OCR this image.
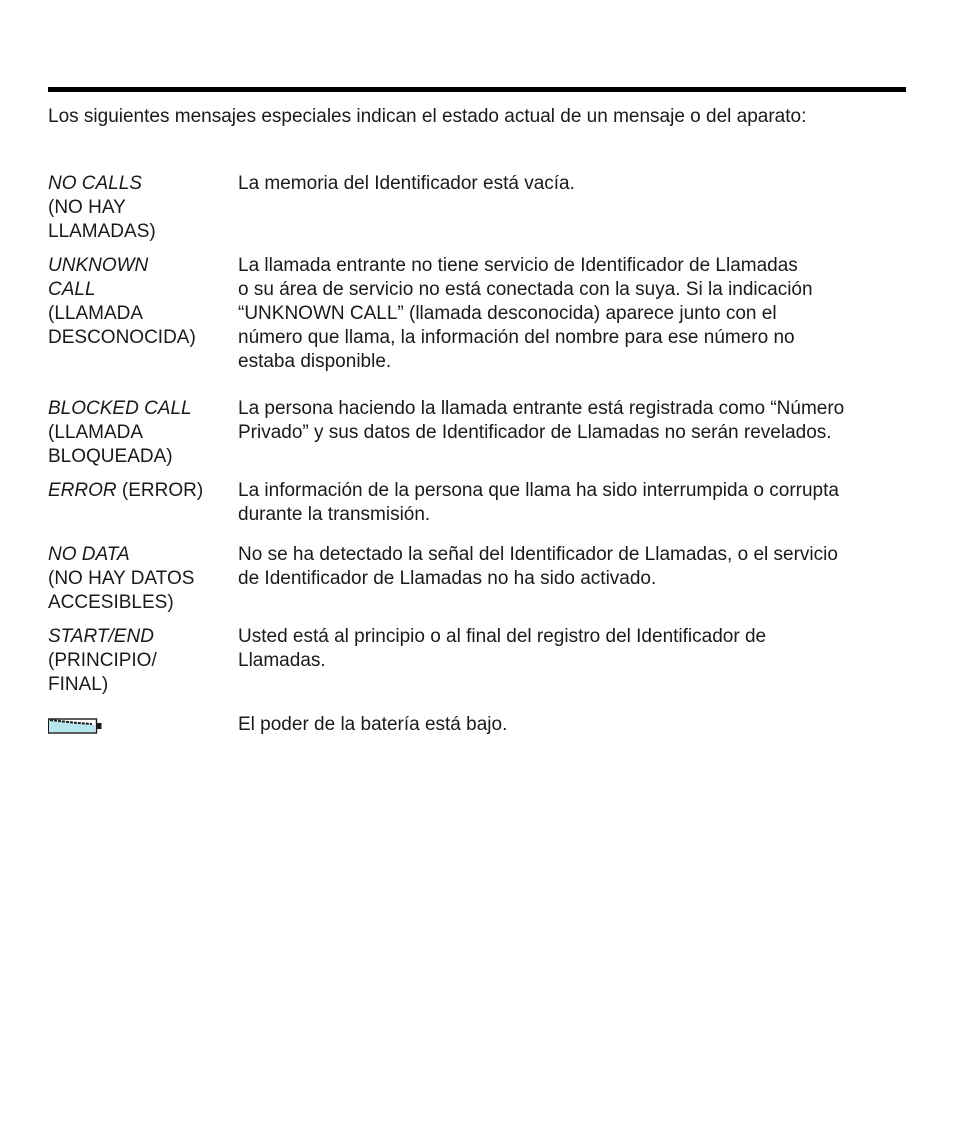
Los siguientes mensajes especiales indican el estado actual de un mensaje o del aparato:
NO CALLS
(NO HAY
LLAMADAS)
La memoria del Identificador está vacía.
UNKNOWN
CALL
(LLAMADA
DESCONOCIDA)
La llamada entrante no tiene servicio de Identificador de Llamadas
o su área de servicio no está conectada con la suya. Si la indicación
“UNKNOWN CALL” (llamada desconocida) aparece junto con el
número que llama, la información del nombre para ese número no
estaba disponible.
BLOCKED CALL
(LLAMADA
BLOQUEADA)
La persona haciendo la llamada entrante está registrada como “Número
Privado” y sus datos de Identificador de Llamadas no serán revelados.
ERROR (ERROR)	La información de la persona que llama ha sido interrumpida o corrupta
durante la transmisión.
NO DATA
(NO HAY DATOS
ACCESIBLES)
No se ha detectado la señal del Identificador de Llamadas, o el servicio
de Identificador de Llamadas no ha sido activado.
START/END
(PRINCIPIO/
FINAL)
Usted está al principio o al final del registro del Identificador de
Llamadas.
El poder de la batería está bajo.
